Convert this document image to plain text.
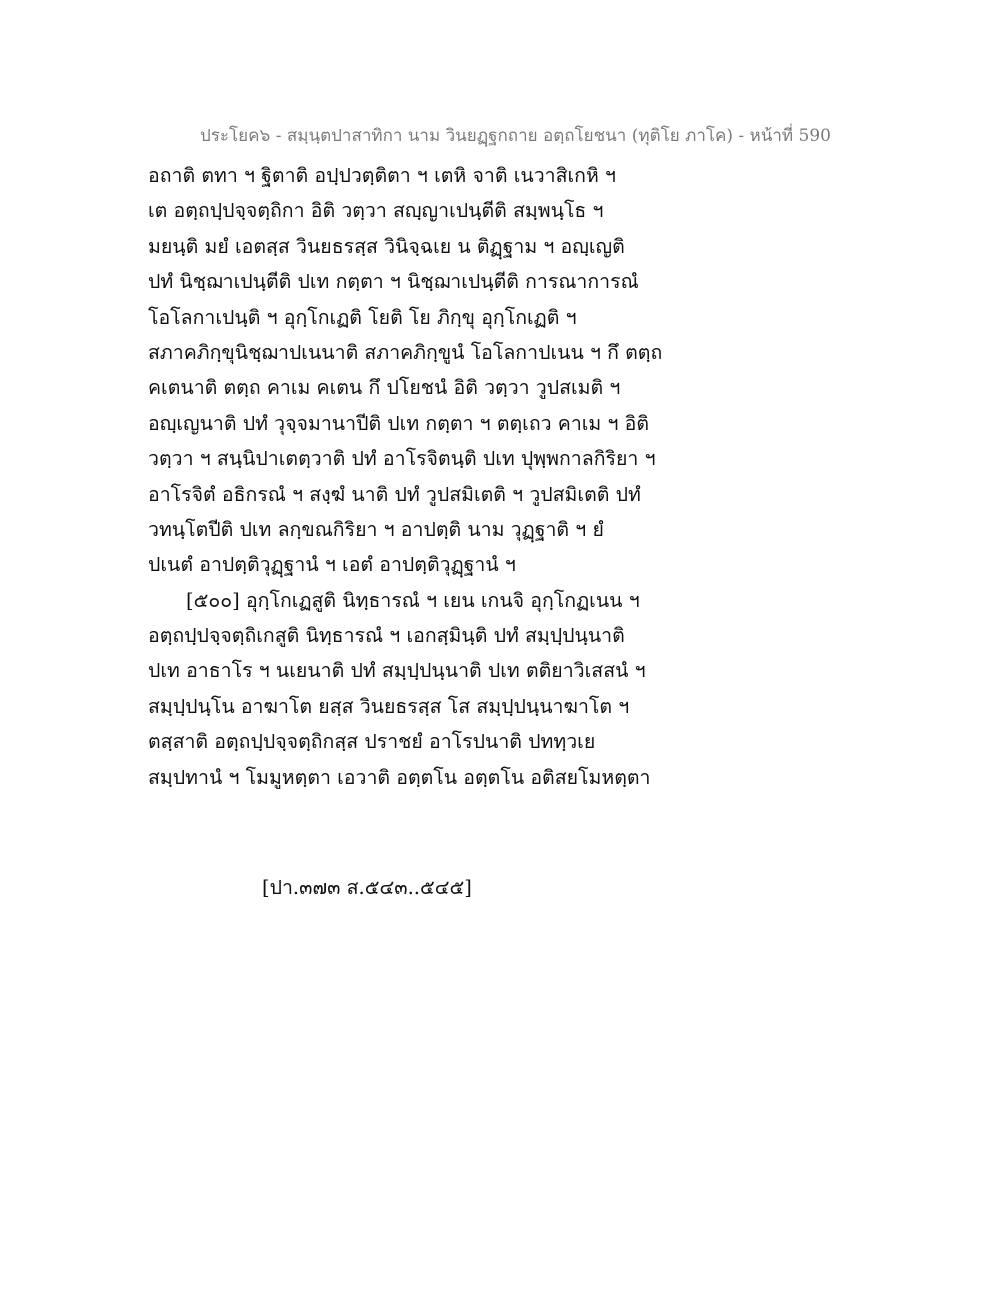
ประโยค๖ - สมฺนฺตปาสาทิกา นาม วินยฏฺฐกถาย อตฺถโยชนา (ทุติโย ภาโค) - หน้าที่ 590
อถาติ ตทา ฯ ฐิตาติ อปฺปวตฺติตา ฯ เตหิ จาติ เนวาสิเกหิ ฯ
เต อตฺถปฺปจฺจตฺถิกา อิติ วตฺวา สญฺญาเปนฺตีติ สมฺพนฺโธ ฯ
มยนฺติ มยํ เอตสฺส วินยธรสฺส วินิจฺฉเย น ติฏฺฐาม ฯ อญฺเญติ
ปทํ นิชฺฌาเปนฺตีติ ปเท กตฺตา ฯ นิชฺฌาเปนฺตีติ การณาการณํ
โอโลกาเปนฺติ ฯ อุกฺโกเฏติ โยติ โย ภิกฺขุ อุกฺโกเฏติ ฯ
สภาคภิกฺขุนิชฺฌาปเนนาติ สภาคภิกฺขูนํ โอโลกาปเนน ฯ กึ ตตฺถ
คเตนาติ ตตฺถ คาเม คเตน กึ ปโยชนํ อิติ วตฺวา วูปสเมติ ฯ
อญฺเญนาติ ปทํ วุจฺจมานาปีติ ปเท กตฺตา ฯ ตตฺเถว คาเม ฯ อิติ
วตฺวา ฯ สนฺนิปาเตตฺวาติ ปทํ อาโรจิตนฺติ ปเท ปุพฺพกาลกิริยา ฯ
อาโรจิตํ อธิกรณํ ฯ สงฺฆํ นาติ ปทํ วูปสมิเตติ ฯ วูปสมิเตติ ปทํ
วทนฺโตปีติ ปเท ลกฺขณกิริยา ฯ อาปตฺติ นาม วุฏฺฐาติ ฯ ยํ
ปเนตํ อาปตฺติวุฏฺฐานํ ฯ เอตํ อาปตฺติวุฏฺฐานํ ฯ
[๕๐๐] อุกฺโกเฏสูติ นิทฺธารณํ ฯ เยน เกนจิ อุกฺโกฏเนน ฯ
อตฺถปฺปจฺจตฺถิเกสูติ นิทฺธารณํ ฯ เอกสฺมินฺติ ปทํ สมฺปฺปนฺนาติ
ปเท อาธาโร ฯ นเยนาติ ปทํ สมฺปฺปนฺนาติ ปเท ตติยาวิเสสนํ ฯ
สมฺปฺปนฺโน อาฆาโต ยสฺส วินยธรสฺส โส สมฺปฺปนฺนาฆาโต ฯ
ตสฺสาติ อตฺถปฺปจฺจตฺถิกสฺส ปราชยํ อาโรปนาติ ปททฺวเย
สมฺปทานํ ฯ โมมูหตฺตา เอวาติ อตฺตโน อตฺตโน อติสยโมหตฺตา
[ปา.๓๗๓ ส.๕๔๓..๕๔๕]
